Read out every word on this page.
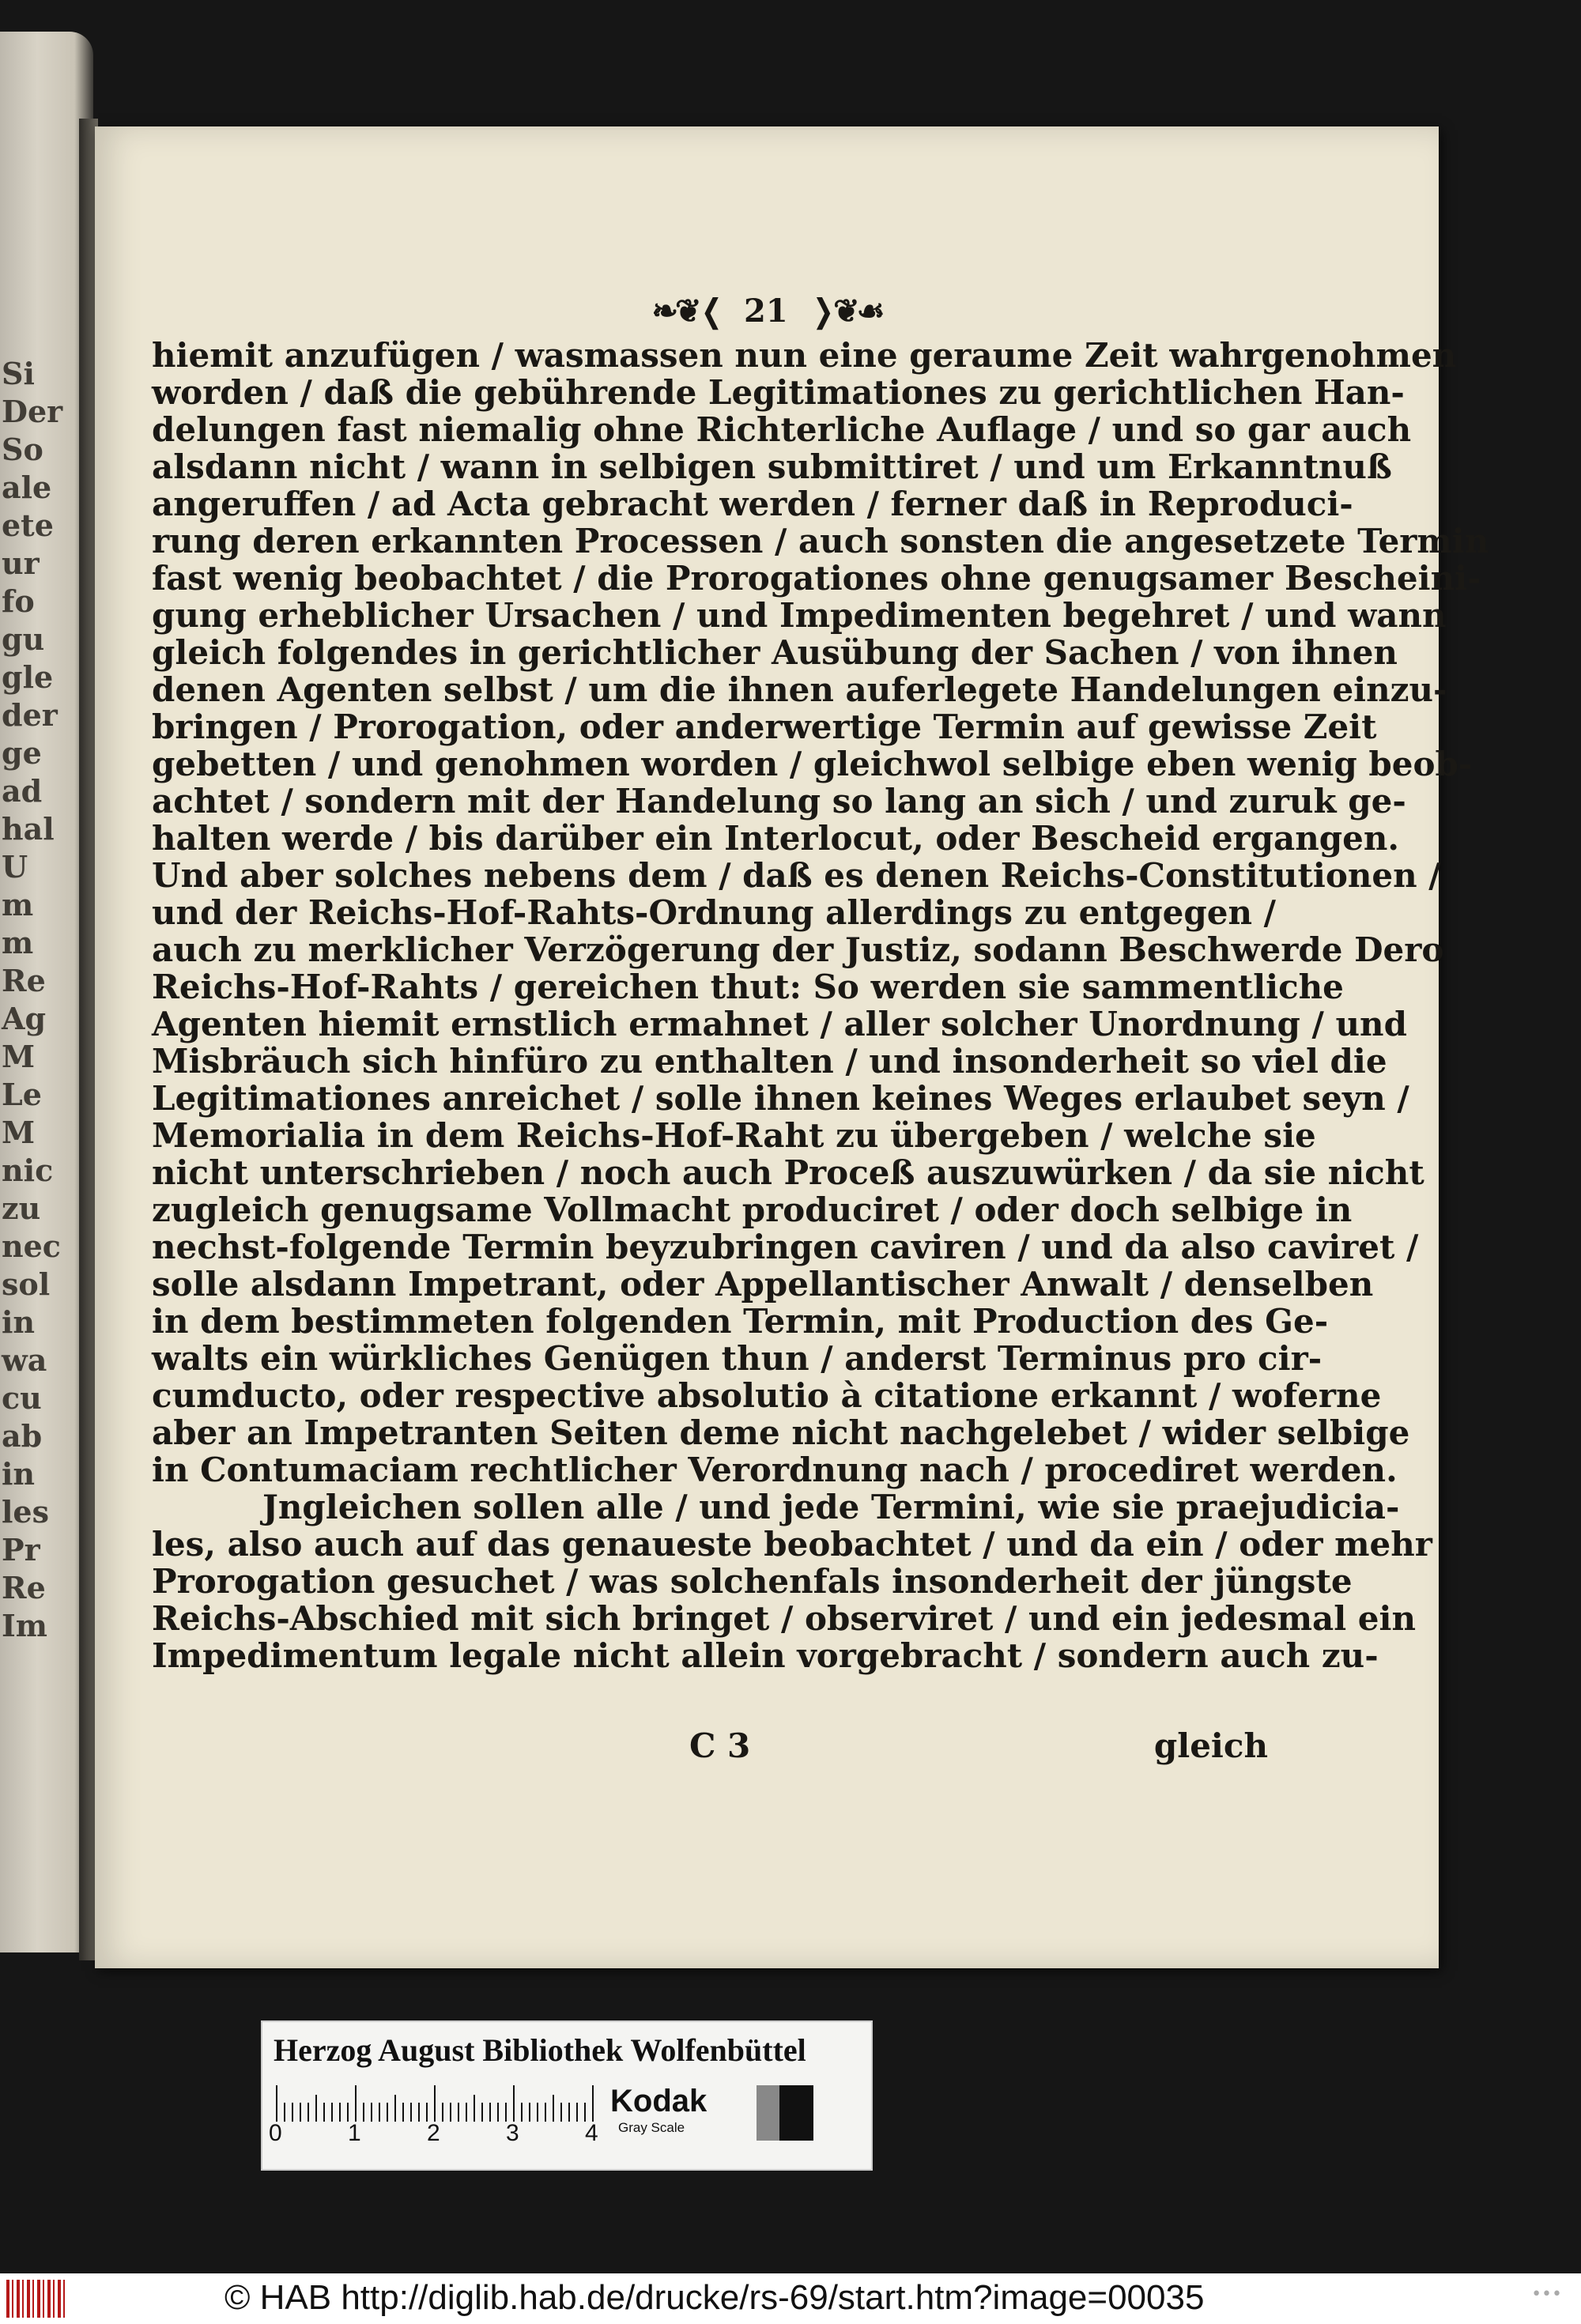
Si
Der
So
ale
ete
ur
fo
gu
gle
der
ge
ad
hal
U
m
m
Re
Ag
M
Le
M
nic
zu
nec
sol
in
wa
cu
ab
in
les
Pr
Re
Im
❧❦❬ 21 ❭❦☙
hiemit anzufügen / wasmassen nun eine geraume Zeit wahrgenohmen
worden / daß die gebührende Legitimationes zu gerichtlichen Han-
delungen fast niemalig ohne Richterliche Auflage / und so gar auch
alsdann nicht / wann in selbigen submittiret / und um Erkanntnuß
angeruffen / ad Acta gebracht werden / ferner daß in Reproduci-
rung deren erkannten Processen / auch sonsten die angesetzete Termin
fast wenig beobachtet / die Prorogationes ohne genugsamer Bescheini-
gung erheblicher Ursachen / und Impedimenten begehret / und wann
gleich folgendes in gerichtlicher Ausübung der Sachen / von ihnen
denen Agenten selbst / um die ihnen auferlegete Handelungen einzu-
bringen / Prorogation, oder anderwertige Termin auf gewisse Zeit
gebetten / und genohmen worden / gleichwol selbige eben wenig beob-
achtet / sondern mit der Handelung so lang an sich / und zuruk ge-
halten werde / bis darüber ein Interlocut, oder Bescheid ergangen.
Und aber solches nebens dem / daß es denen Reichs-Constitutionen /
und der Reichs-Hof-Rahts-Ordnung allerdings zu entgegen /
auch zu merklicher Verzögerung der Justiz, sodann Beschwerde Dero
Reichs-Hof-Rahts / gereichen thut: So werden sie sammentliche
Agenten hiemit ernstlich ermahnet / aller solcher Unordnung / und
Misbräuch sich hinfüro zu enthalten / und insonderheit so viel die
Legitimationes anreichet / solle ihnen keines Weges erlaubet seyn /
Memorialia in dem Reichs-Hof-Raht zu übergeben / welche sie
nicht unterschrieben / noch auch Proceß auszuwürken / da sie nicht
zugleich genugsame Vollmacht produciret / oder doch selbige in
nechst-folgende Termin beyzubringen caviren / und da also caviret /
solle alsdann Impetrant, oder Appellantischer Anwalt / denselben
in dem bestimmeten folgenden Termin, mit Production des Ge-
walts ein würkliches Genügen thun / anderst Terminus pro cir-
cumducto, oder respective absolutio à citatione erkannt / woferne
aber an Impetranten Seiten deme nicht nachgelebet / wider selbige
in Contumaciam rechtlicher Verordnung nach / procediret werden.
Jngleichen sollen alle / und jede Termini, wie sie praejudicia-
les, also auch auf das genaueste beobachtet / und da ein / oder mehr
Prorogation gesuchet / was solchenfals insonderheit der jüngste
Reichs-Abschied mit sich bringet / observiret / und ein jedesmal ein
Impedimentum legale nicht allein vorgebracht / sondern auch zu-
C 3	gleich
Herzog August Bibliothek Wolfenbüttel
0	1	2	3	4
Kodak
Gray Scale
© HAB http://diglib.hab.de/drucke/rs-69/start.htm?image=00035	•••
